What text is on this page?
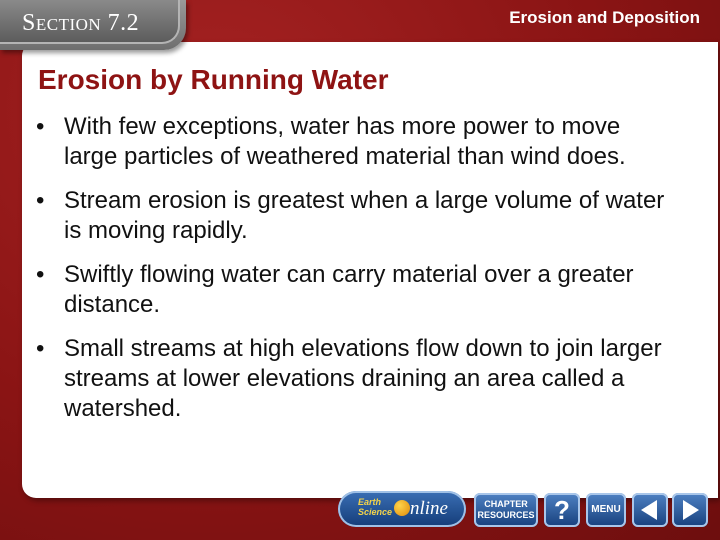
Section 7.2	Erosion and Deposition
Erosion by Running Water
• With few exceptions, water has more power to move large particles of weathered material than wind does.
• Stream erosion is greatest when a large volume of water is moving rapidly.
• Swiftly flowing water can carry material over a greater distance.
• Small streams at high elevations flow down to join larger streams at lower elevations draining an area called a watershed.
Earth
Science nline	CHAPTER
RESOURCES ?	MENU
